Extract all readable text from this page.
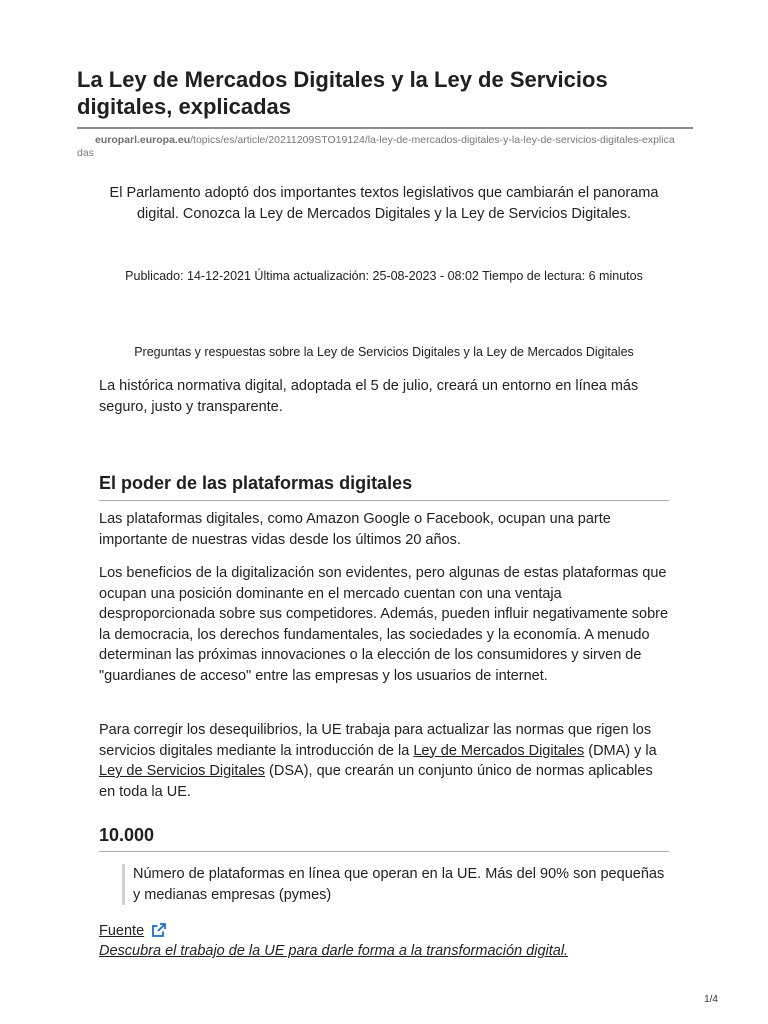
La Ley de Mercados Digitales y la Ley de Servicios digitales, explicadas
europarl.europa.eu/topics/es/article/20211209STO19124/la-ley-de-mercados-digitales-y-la-ley-de-servicios-digitales-explicadas
El Parlamento adoptó dos importantes textos legislativos que cambiarán el panorama digital. Conozca la Ley de Mercados Digitales y la Ley de Servicios Digitales.
Publicado: 14-12-2021 Última actualización: 25-08-2023 - 08:02 Tiempo de lectura: 6 minutos
Preguntas y respuestas sobre la Ley de Servicios Digitales y la Ley de Mercados Digitales
La histórica normativa digital, adoptada el 5 de julio, creará un entorno en línea más seguro, justo y transparente.
El poder de las plataformas digitales
Las plataformas digitales, como Amazon Google o Facebook, ocupan una parte importante de nuestras vidas desde los últimos 20 años.
Los beneficios de la digitalización son evidentes, pero algunas de estas plataformas que ocupan una posición dominante en el mercado cuentan con una ventaja desproporcionada sobre sus competidores. Además, pueden influir negativamente sobre la democracia, los derechos fundamentales, las sociedades y la economía. A menudo determinan las próximas innovaciones o la elección de los consumidores y sirven de "guardianes de acceso" entre las empresas y los usuarios de internet.
Para corregir los desequilibrios, la UE trabaja para actualizar las normas que rigen los servicios digitales mediante la introducción de la Ley de Mercados Digitales (DMA) y la Ley de Servicios Digitales (DSA), que crearán un conjunto único de normas aplicables en toda la UE.
10.000
Número de plataformas en línea que operan en la UE. Más del 90% son pequeñas y medianas empresas (pymes)
Fuente
Descubra el trabajo de la UE para darle forma a la transformación digital.
1/4
